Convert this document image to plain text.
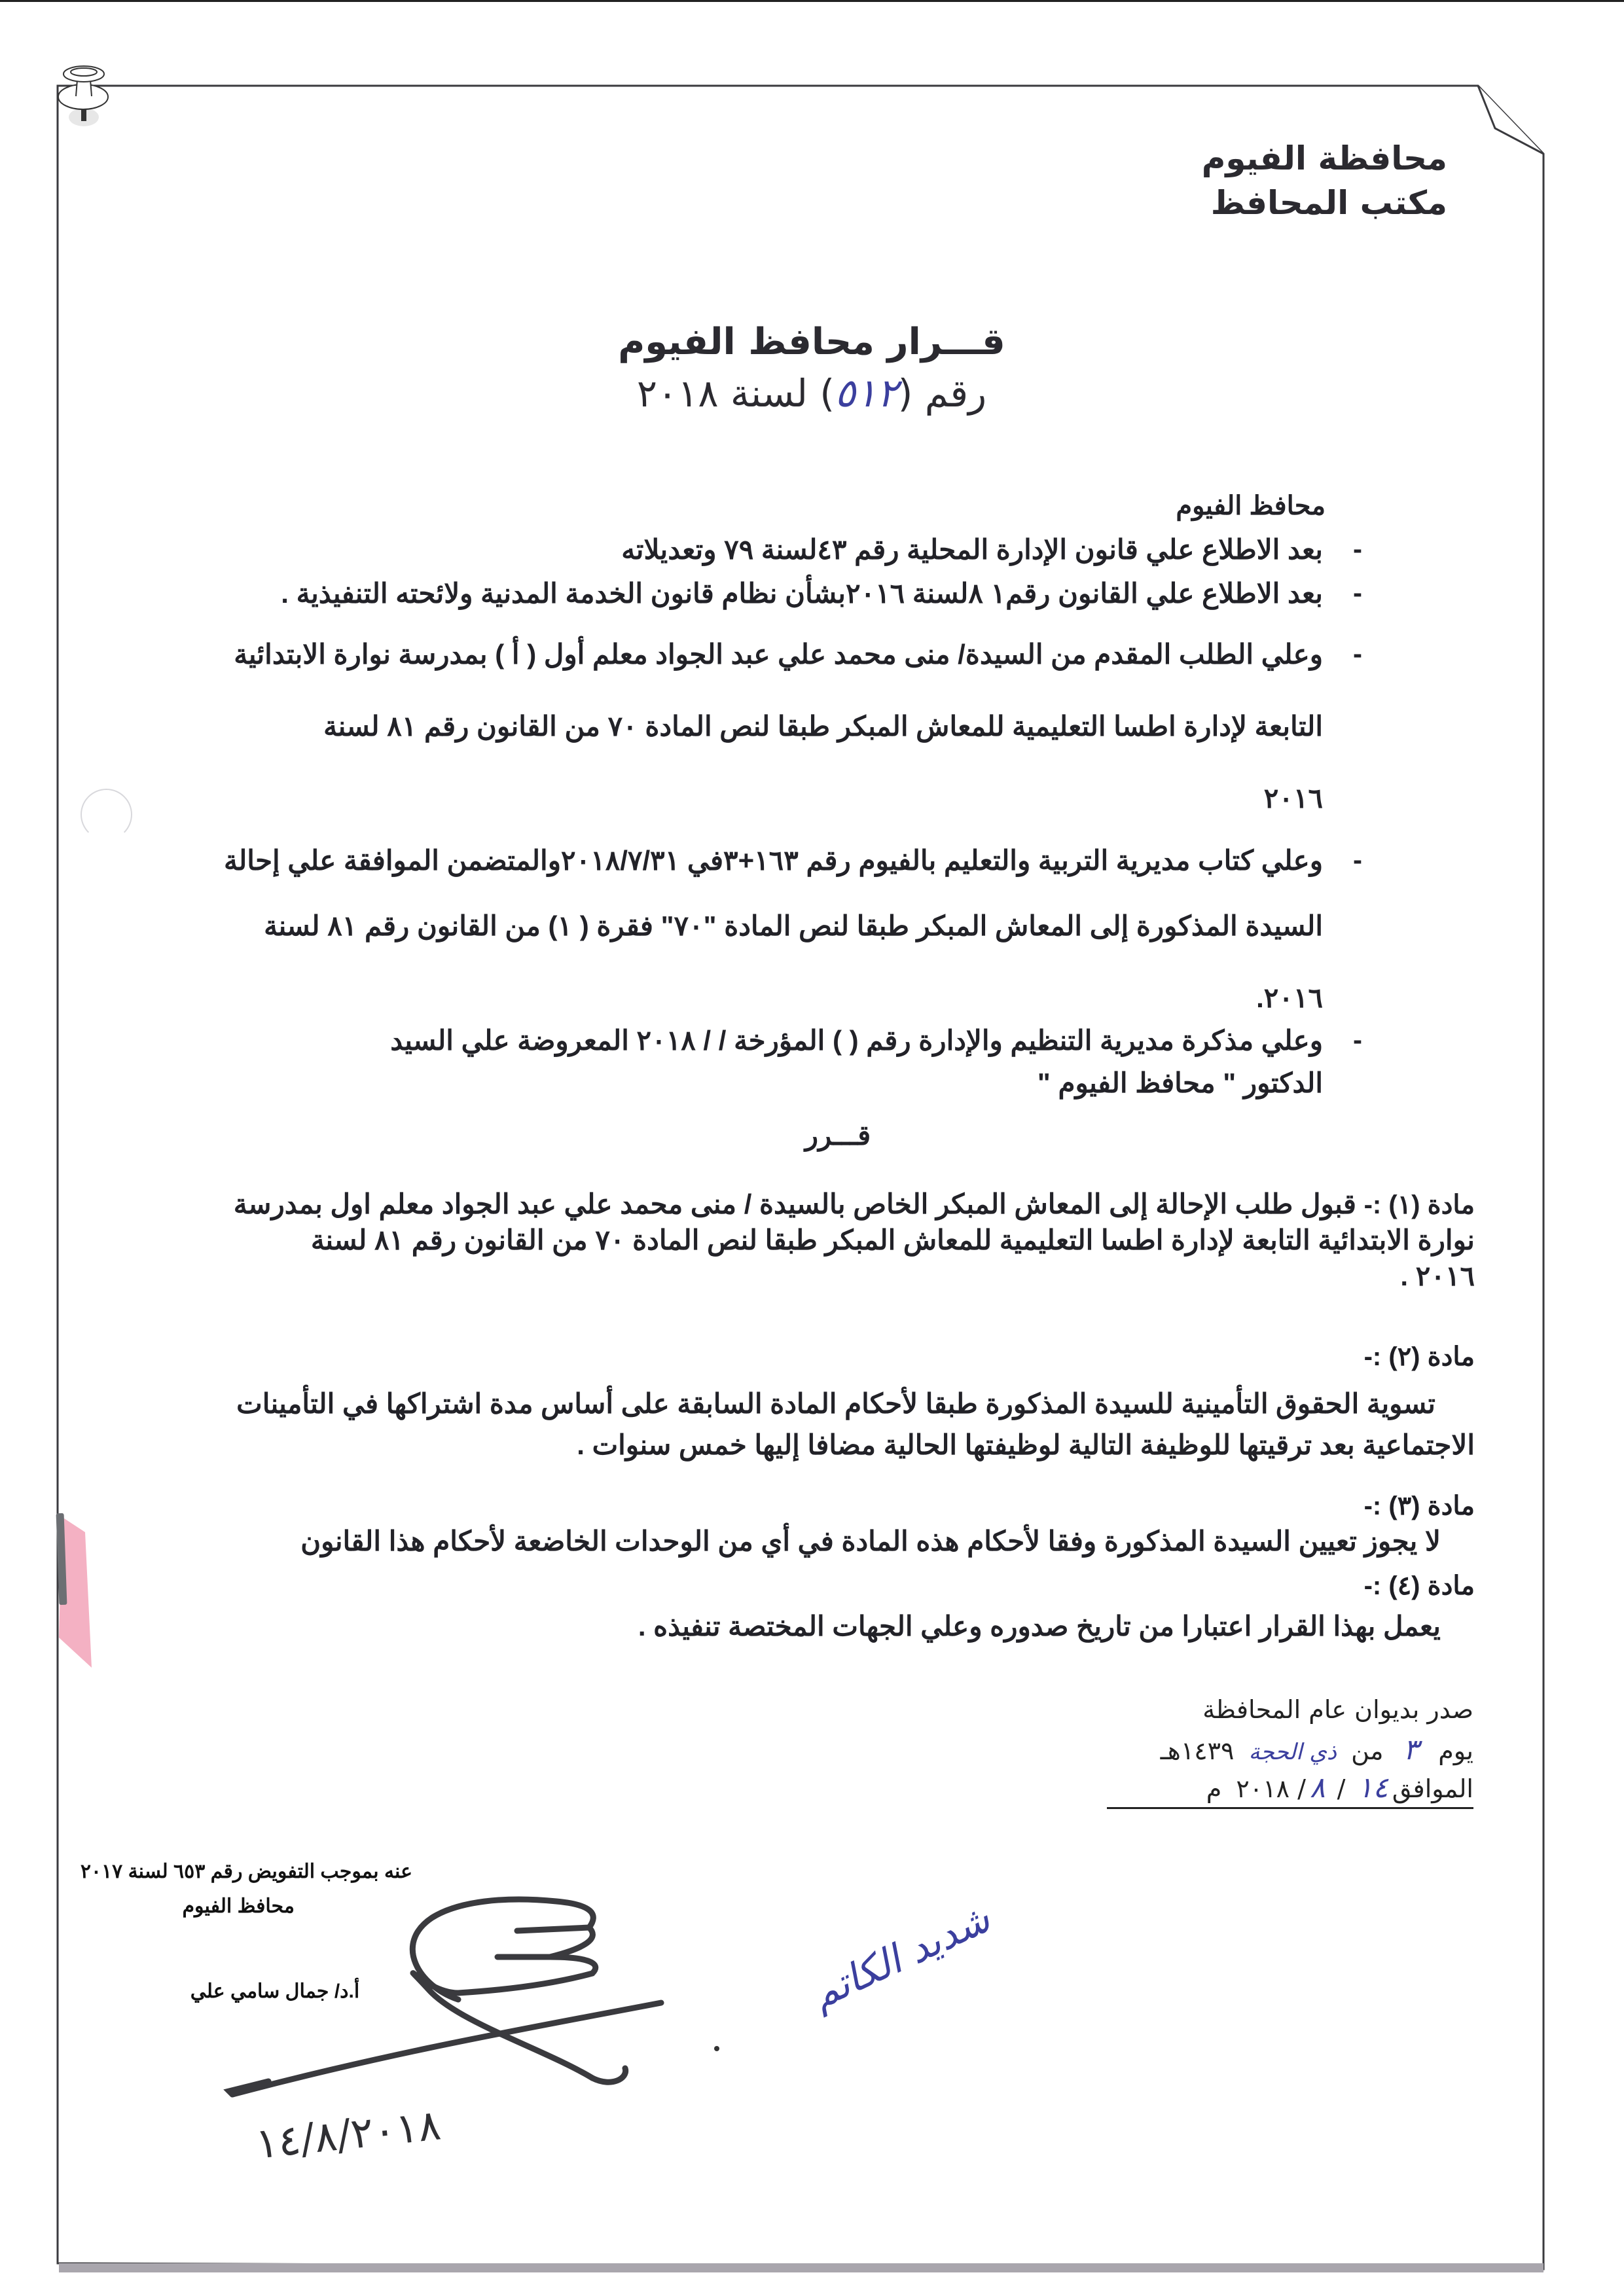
محافظة الفيوم
مكتب المحافظ
قـــرار محافظ الفيوم
رقم (٥١٢) لسنة ٢٠١٨
محافظ الفيوم
-
بعد الاطلاع علي قانون الإدارة المحلية رقم ٤٣لسنة ٧٩ وتعديلاته
-
بعد الاطلاع علي القانون رقم١ ٨لسنة ٢٠١٦بشأن نظام قانون الخدمة المدنية ولائحته التنفيذية .
-
وعلي الطلب المقدم من السيدة/ منى محمد علي عبد الجواد معلم أول ( أ ) بمدرسة نوارة الابتدائية
التابعة لإدارة اطسا التعليمية للمعاش المبكر طبقا لنص المادة ٧٠ من القانون رقم ٨١ لسنة
٢٠١٦
-
وعلي كتاب مديرية التربية والتعليم بالفيوم رقم ١٦٣+٣في ٢٠١٨/٧/٣١والمتضمن الموافقة علي إحالة
السيدة المذكورة إلى المعاش المبكر طبقا لنص المادة "٧٠" فقرة ( ١) من القانون رقم ٨١ لسنة
٢٠١٦.
-
وعلي مذكرة مديرية التنظيم والإدارة رقم ( ) المؤرخة / / ٢٠١٨ المعروضة علي السيد
الدكتور " محافظ الفيوم "
قـــرر
مادة (١) :- قبول طلب الإحالة إلى المعاش المبكر الخاص بالسيدة / منى محمد علي عبد الجواد معلم اول بمدرسة
نوارة الابتدائية التابعة لإدارة اطسا التعليمية للمعاش المبكر طبقا لنص المادة ٧٠ من القانون رقم ٨١ لسنة
٢٠١٦ .
مادة (٢) :-
تسوية الحقوق التأمينية للسيدة المذكورة طبقا لأحكام المادة السابقة على أساس مدة اشتراكها في التأمينات
الاجتماعية بعد ترقيتها للوظيفة التالية لوظيفتها الحالية مضافا إليها خمس سنوات .
مادة (٣) :-
لا يجوز تعيين السيدة المذكورة وفقا لأحكام هذه المادة في أي من الوحدات الخاضعة لأحكام هذا القانون
مادة (٤) :-
يعمل بهذا القرار اعتبارا من تاريخ صدوره وعلي الجهات المختصة تنفيذه .
صدر بديوان عام المحافظة
يوم ٣ من ذي الحجة ١٤٣٩هـ
الموافق١٤ / ٨/ ٢٠١٨ م
عنه بموجب التفويض رقم ٦٥٣ لسنة ٢٠١٧
محافظ الفيوم
أ.د/ جمال سامي علي
١٤/٨/٢٠١٨
شديد الكاتم
